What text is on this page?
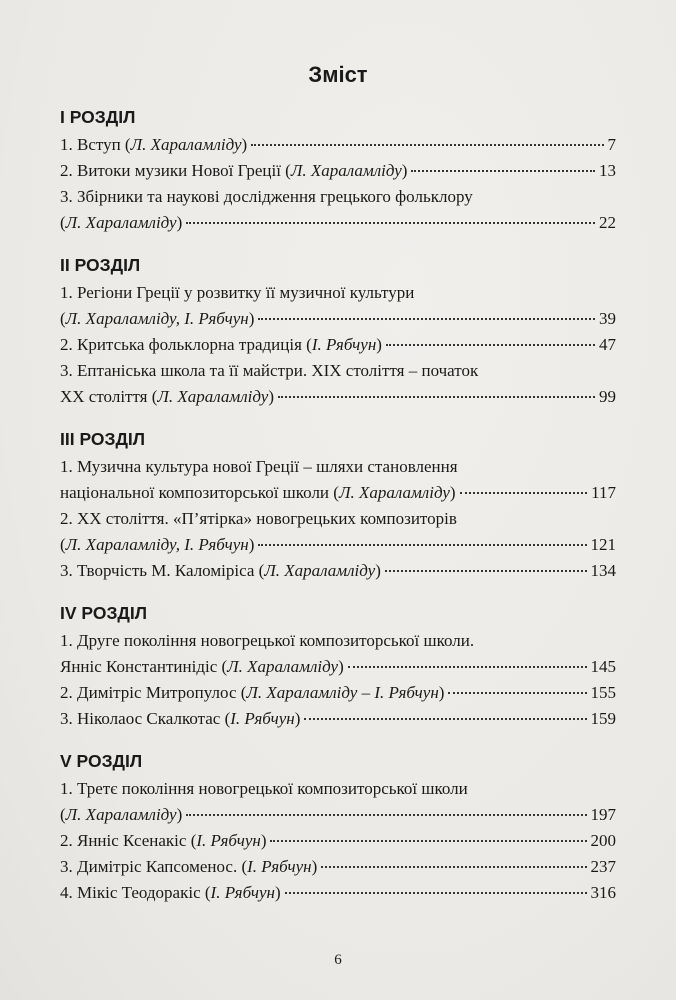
Зміст
I РОЗДІЛ
1. Вступ (Л. Хараламліду)	7
2. Витоки музики Нової Греції (Л. Хараламліду)	13
3. Збірники та наукові дослідження грецького фольклору
(Л. Хараламліду)	22
II РОЗДІЛ
1. Регіони Греції у розвитку її музичної культури
(Л. Хараламліду, І. Рябчун)	39
2. Критська фольклорна традиція (І. Рябчун)	47
3. Ептаніська школа та її майстри. XIX століття – початок
XX століття (Л. Хараламліду)	99
III РОЗДІЛ
1. Музична культура нової Греції – шляхи становлення
національної композиторської школи (Л. Хараламліду)	117
2. XX століття. «П’ятірка» новогрецьких композиторів
(Л. Хараламліду, І. Рябчун)	121
3. Творчість М. Каломіріса (Л. Хараламліду)	134
IV РОЗДІЛ
1. Друге покоління новогрецької композиторської школи.
Янніс Константинідіс (Л. Хараламліду)	145
2. Димітріс Митропулос (Л. Хараламліду – І. Рябчун)	155
3. Ніколаос Скалкотас (І. Рябчун)	159
V РОЗДІЛ
1. Третє покоління новогрецької композиторської школи
(Л. Хараламліду)	197
2. Янніс Ксенакіс (І. Рябчун)	200
3. Димітріс Капсоменос. (І. Рябчун)	237
4. Мікіс Теодоракіс (І. Рябчун)	316
6
